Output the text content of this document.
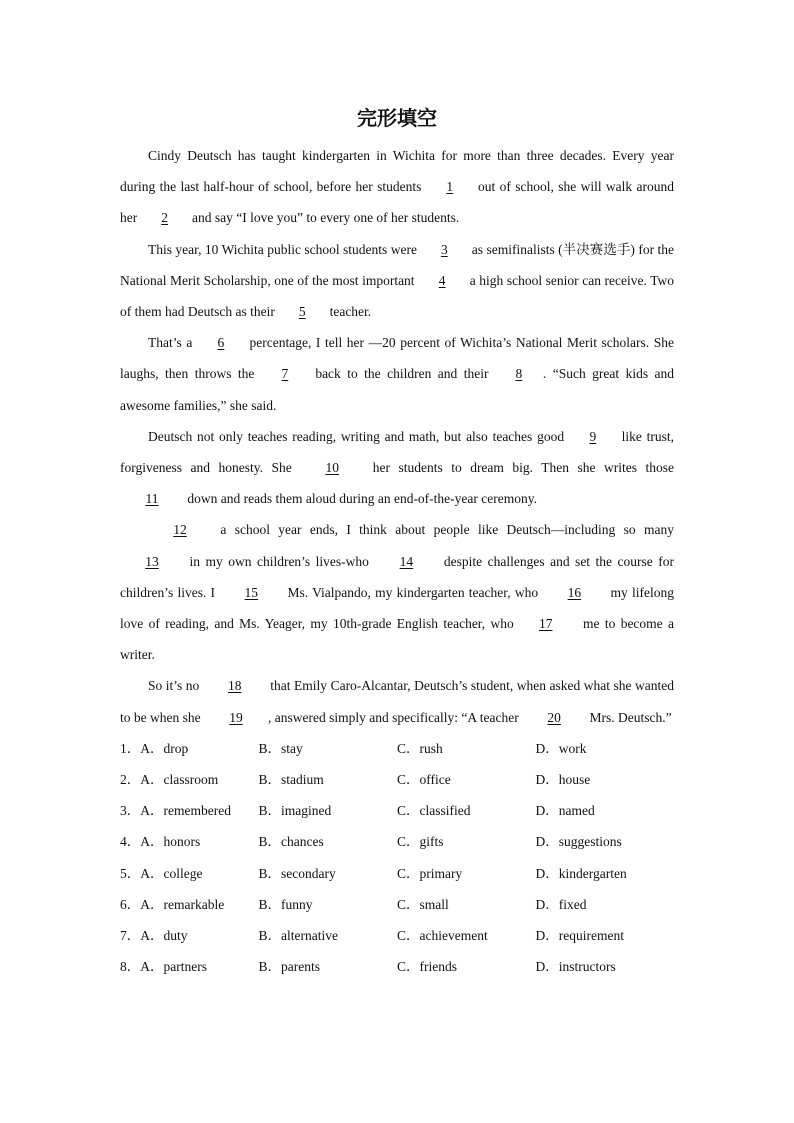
完形填空

Cindy Deutsch has taught kindergarten in Wichita for more than three decades. Every year during the last half-hour of school, before her students 1 out of school, she will walk around her 2 and say “I love you” to every one of her students.

This year, 10 Wichita public school students were 3 as semifinalists (半决赛选手) for the National Merit Scholarship, one of the most important 4 a high school senior can receive. Two of them had Deutsch as their 5 teacher.

That’s a 6 percentage, I tell her —20 percent of Wichita’s National Merit scholars. She laughs, then throws the 7 back to the children and their 8 . “Such great kids and awesome families,” she said.

Deutsch not only teaches reading, writing and math, but also teaches good 9 like trust, forgiveness and honesty. She 10 her students to dream big. Then she writes those 11 down and reads them aloud during an end-of-the-year ceremony.

12 a school year ends, I think about people like Deutsch—including so many 13 in my own children’s lives-who 14 despite challenges and set the course for children’s lives. I 15 Ms. Vialpando, my kindergarten teacher, who 16 my lifelong love of reading, and Ms. Yeager, my 10th-grade English teacher, who 17 me to become a writer.

So it’s no 18 that Emily Caro-Alcantar, Deutsch’s student, when asked what she wanted to be when she 19 , answered simply and specifically: “A teacher 20 Mrs. Deutsch.”

1．A．drop	B．stay	C．rush	D．work
2．A．classroom	B．stadium	C．office	D．house
3．A．remembered	B．imagined	C．classified	D．named
4．A．honors	B．chances	C．gifts	D．suggestions
5．A．college	B．secondary	C．primary	D．kindergarten
6．A．remarkable	B．funny	C．small	D．fixed
7．A．duty	B．alternative	C．achievement	D．requirement
8．A．partners	B．parents	C．friends	D．instructors
